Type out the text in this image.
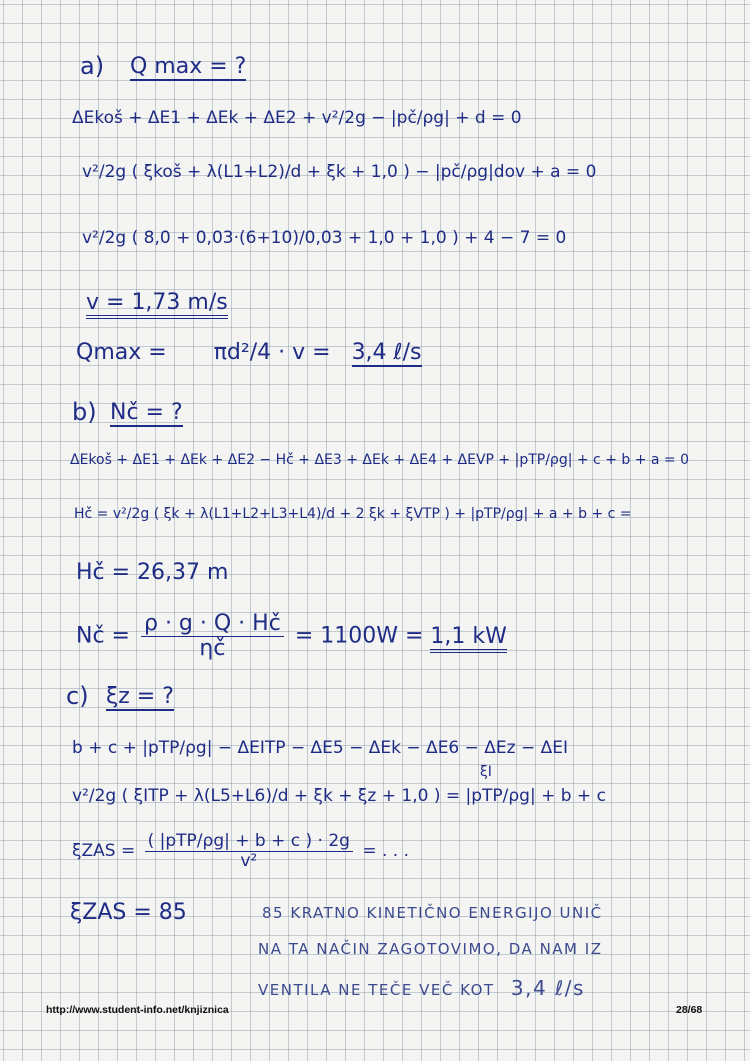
a) Q max = ?
ΔEkoš + ΔE1 + ΔEk + ΔE2 + v²/2g − |pč/ρg| + d = 0
v²/2g ( ξkoš + λ(L1+L2)/d + ξk + 1,0 ) − |pč/ρg|dov + a = 0
v²/2g ( 8,0 + 0,03·(6+10)/0,03 + 1,0 + 1,0 ) + 4 − 7 = 0
v = 1,73 m/s
Qmax = πd²/4 · v = 3,4 ℓ/s
b) Nč = ?
ΔEkoš + ΔE1 + ΔEk + ΔE2 − Hč + ΔE3 + ΔEk + ΔE4 + ΔEVP + |pTP/ρg| + c + b + a = 0
Hč = v²/2g ( ξk + λ(L1+L2+L3+L4)/d + 2 ξk + ξVTP ) + |pTP/ρg| + a + b + c =
Hč = 26,37 m
Nč = $\frac{\rho \cdot g \cdot Q \cdot Hč}{\eta č} = 1100W = 1,1$ kW
c) ξz = ?
b + c + |pTP/ρg| − ΔEITP − ΔE5 − ΔEk − ΔE6 − ΔEz − ΔEI
ξI
v²/2g ( ξITP + λ(L5+L6)/d + ξk + ξz + 1,0 ) = |pTP/ρg| + b + c
$\xi ZAS = \frac{\text{( |pTP/ρg| + b + c ) · 2g}}{\text{v²}}$ = . . .
ξZAS = 85	85 KRATNO KINETIČNO ENERGIJO UNIČ
NA TA NAČIN ZAGOTOVIMO, DA NAM IZ
VENTILA NE TEČE VEČ KOT 3,4 ℓ/s
http://www.student-info.net/knjiznica	28/68
